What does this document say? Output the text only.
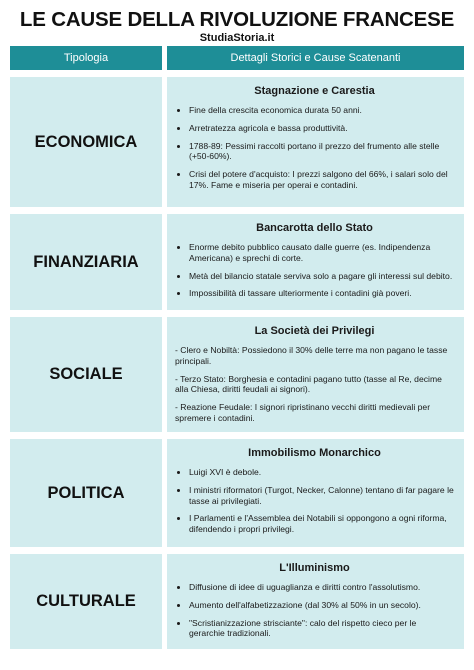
LE CAUSE DELLA RIVOLUZIONE FRANCESE
StudiaStoria.it
Tipologia	Dettagli Storici e Cause Scatenanti
ECONOMICA
Stagnazione e Carestia
• Fine della crescita economica durata 50 anni.
• Arretratezza agricola e bassa produttività.
• 1788-89: Pessimi raccolti portano il prezzo del frumento alle stelle (+50-60%).
• Crisi del potere d'acquisto: I prezzi salgono del 66%, i salari solo del 17%. Fame e miseria per operai e contadini.
FINANZIARIA
Bancarotta dello Stato
• Enorme debito pubblico causato dalle guerre (es. Indipendenza Americana) e sprechi di corte.
• Metà del bilancio statale serviva solo a pagare gli interessi sul debito.
• Impossibilità di tassare ulteriormente i contadini già poveri.
SOCIALE
La Società dei Privilegi

- Clero e Nobiltà: Possiedono il 30% delle terre ma non pagano le tasse principali.

- Terzo Stato: Borghesia e contadini pagano tutto (tasse al Re, decime alla Chiesa, diritti feudali ai signori).

- Reazione Feudale: I signori ripristinano vecchi diritti medievali per spremere i contadini.

POLITICA
Immobilismo Monarchico
• Luigi XVI è debole.
• I ministri riformatori (Turgot, Necker, Calonne) tentano di far pagare le tasse ai privilegiati.
• I Parlamenti e l'Assemblea dei Notabili si oppongono a ogni riforma, difendendo i propri privilegi.
CULTURALE
L'Illuminismo
• Diffusione di idee di uguaglianza e diritti contro l'assolutismo.
• Aumento dell'alfabetizzazione (dal 30% al 50% in un secolo).
• "Scristianizzazione strisciante": calo del rispetto cieco per le gerarchie tradizionali.
